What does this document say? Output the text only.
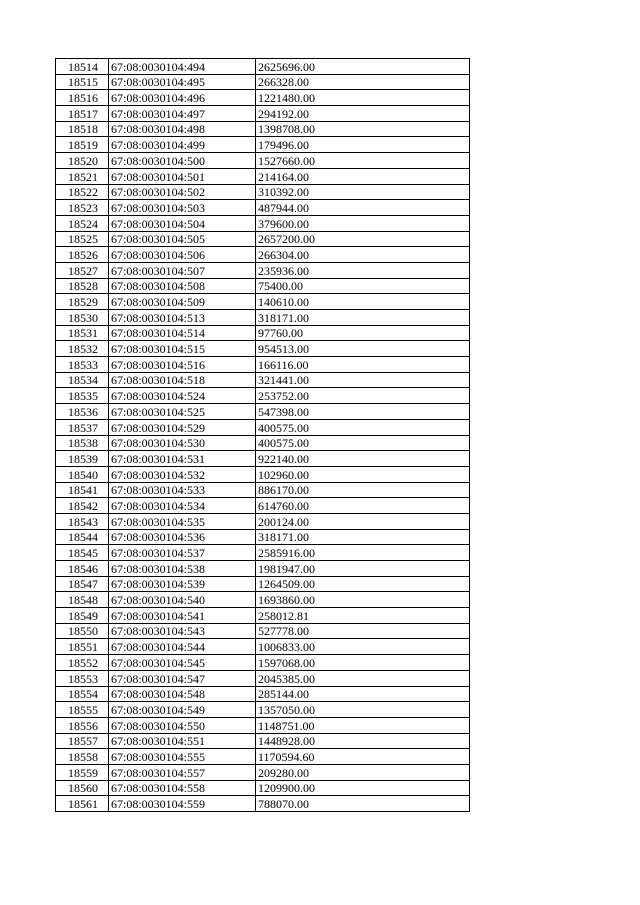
18514	67:08:0030104:494	2625696.00
18515	67:08:0030104:495	266328.00
18516	67:08:0030104:496	1221480.00
18517	67:08:0030104:497	294192.00
18518	67:08:0030104:498	1398708.00
18519	67:08:0030104:499	179496.00
18520	67:08:0030104:500	1527660.00
18521	67:08:0030104:501	214164.00
18522	67:08:0030104:502	310392.00
18523	67:08:0030104:503	487944.00
18524	67:08:0030104:504	379600.00
18525	67:08:0030104:505	2657200.00
18526	67:08:0030104:506	266304.00
18527	67:08:0030104:507	235936.00
18528	67:08:0030104:508	75400.00
18529	67:08:0030104:509	140610.00
18530	67:08:0030104:513	318171.00
18531	67:08:0030104:514	97760.00
18532	67:08:0030104:515	954513.00
18533	67:08:0030104:516	166116.00
18534	67:08:0030104:518	321441.00
18535	67:08:0030104:524	253752.00
18536	67:08:0030104:525	547398.00
18537	67:08:0030104:529	400575.00
18538	67:08:0030104:530	400575.00
18539	67:08:0030104:531	922140.00
18540	67:08:0030104:532	102960.00
18541	67:08:0030104:533	886170.00
18542	67:08:0030104:534	614760.00
18543	67:08:0030104:535	200124.00
18544	67:08:0030104:536	318171.00
18545	67:08:0030104:537	2585916.00
18546	67:08:0030104:538	1981947.00
18547	67:08:0030104:539	1264509.00
18548	67:08:0030104:540	1693860.00
18549	67:08:0030104:541	258012.81
18550	67:08:0030104:543	527778.00
18551	67:08:0030104:544	1006833.00
18552	67:08:0030104:545	1597068.00
18553	67:08:0030104:547	2045385.00
18554	67:08:0030104:548	285144.00
18555	67:08:0030104:549	1357050.00
18556	67:08:0030104:550	1148751.00
18557	67:08:0030104:551	1448928.00
18558	67:08:0030104:555	1170594.60
18559	67:08:0030104:557	209280.00
18560	67:08:0030104:558	1209900.00
18561	67:08:0030104:559	788070.00
